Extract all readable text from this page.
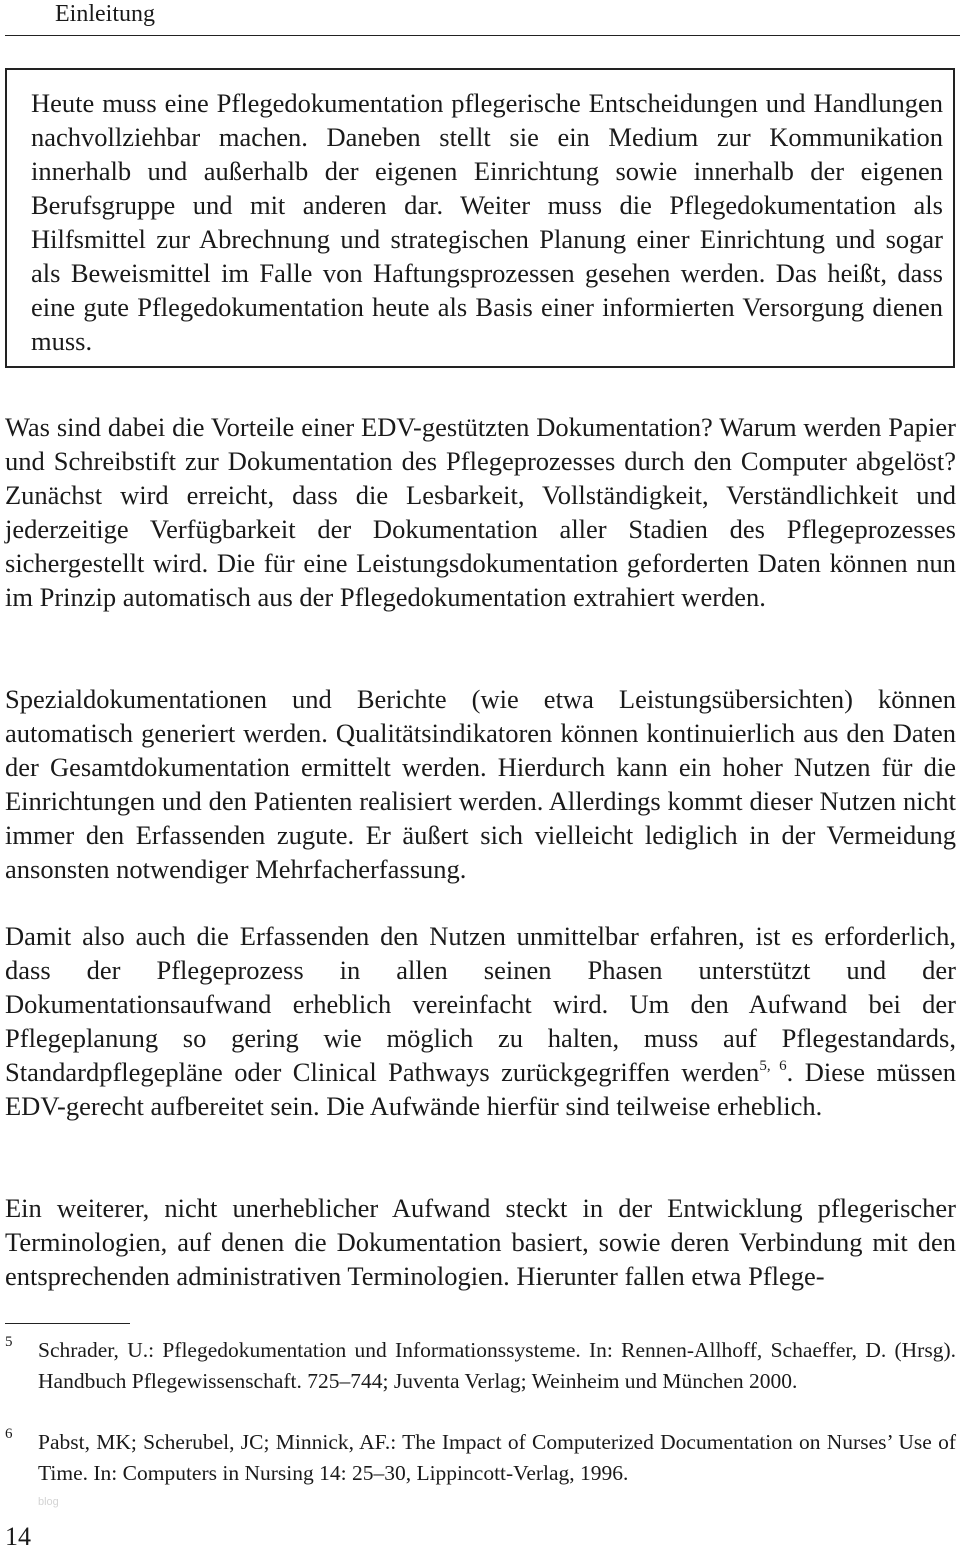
Einleitung

Heute muss eine Pflegedokumentation pflegerische Entscheidungen und Handlungen nachvollziehbar machen. Daneben stellt sie ein Medium zur Kommunikation innerhalb und außerhalb der eigenen Einrichtung sowie innerhalb der eigenen Berufsgruppe und mit anderen dar. Weiter muss die Pflegedokumentation als Hilfsmittel zur Abrechnung und strategischen Planung einer Einrichtung und sogar als Beweismittel im Falle von Haftungsprozessen gesehen werden. Das heißt, dass eine gute Pflegedokumentation heute als Basis einer informierten Versorgung dienen muss.

Was sind dabei die Vorteile einer EDV-gestützten Dokumentation? Warum werden Papier und Schreibstift zur Dokumentation des Pflegeprozesses durch den Computer abgelöst? Zunächst wird erreicht, dass die Lesbarkeit, Vollständigkeit, Verständlichkeit und jederzeitige Verfügbarkeit der Dokumentation aller Stadien des Pflegeprozesses sichergestellt wird. Die für eine Leistungsdokumentation geforderten Daten können nun im Prinzip automatisch aus der Pflegedokumentation extrahiert werden.

Spezialdokumentationen und Berichte (wie etwa Leistungsübersichten) können automatisch generiert werden. Qualitätsindikatoren können kontinuierlich aus den Daten der Gesamtdokumentation ermittelt werden. Hierdurch kann ein hoher Nutzen für die Einrichtungen und den Patienten realisiert werden. Allerdings kommt dieser Nutzen nicht immer den Erfassenden zugute. Er äußert sich vielleicht lediglich in der Vermeidung ansonsten notwendiger Mehrfacherfassung.

Damit also auch die Erfassenden den Nutzen unmittelbar erfahren, ist es erforderlich, dass der Pflegeprozess in allen seinen Phasen unterstützt und der Dokumentationsaufwand erheblich vereinfacht wird. Um den Aufwand bei der Pflegeplanung so gering wie möglich zu halten, muss auf Pflegestandards, Standardpflegepläne oder Clinical Pathways zurückgegriffen werden$^{5, 6}$. Diese müssen EDV-gerecht aufbereitet sein. Die Aufwände hierfür sind teilweise erheblich.

Ein weiterer, nicht unerheblicher Aufwand steckt in der Entwicklung pflegerischer Terminologien, auf denen die Dokumentation basiert, sowie deren Verbindung mit den entsprechenden administrativen Terminologien. Hierunter fallen etwa Pflege-

5 Schrader, U.: Pflegedokumentation und Informationssysteme. In: Rennen-Allhoff, Schaeffer, D. (Hrsg). Handbuch Pflegewissenschaft. 725–744; Juventa Verlag; Weinheim und München 2000.

6 Pabst, MK; Scherubel, JC; Minnick, AF.: The Impact of Computerized Documentation on Nurses’ Use of Time. In: Computers in Nursing 14: 25–30, Lippincott-Verlag, 1996.

blog
14
